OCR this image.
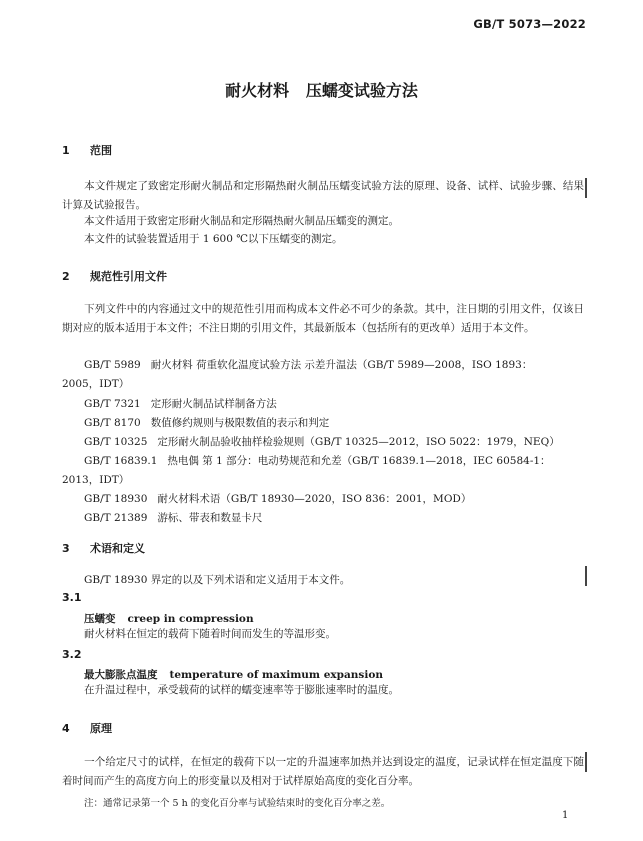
GB/T 5073—2022
耐火材料   压蠕变试验方法
1 范围
本文件规定了致密定形耐火制品和定形隔热耐火制品压蠕变试验方法的原理、设备、试样、试验步骤、结果计算及试验报告。
本文件适用于致密定形耐火制品和定形隔热耐火制品压蠕变的测定。
本文件的试验装置适用于 1 600 ℃以下压蠕变的测定。
2 规范性引用文件
下列文件中的内容通过文中的规范性引用而构成本文件必不可少的条款。其中，注日期的引用文件，仅该日期对应的版本适用于本文件；不注日期的引用文件，其最新版本（包括所有的更改单）适用于本文件。
GB/T 5989 耐火材料 荷重软化温度试验方法 示差升温法（GB/T 5989—2008，ISO 1893：
2005，IDT）
GB/T 7321 定形耐火制品试样制备方法
GB/T 8170 数值修约规则与极限数值的表示和判定
GB/T 10325 定形耐火制品验收抽样检验规则（GB/T 10325—2012，ISO 5022：1979，NEQ）
GB/T 16839.1 热电偶 第 1 部分：电动势规范和允差（GB/T 16839.1—2018，IEC 60584-1：
2013，IDT）
GB/T 18930 耐火材料术语（GB/T 18930—2020，ISO 836：2001，MOD）
GB/T 21389 游标、带表和数显卡尺
3 术语和定义
GB/T 18930 界定的以及下列术语和定义适用于本文件。
3.1
压蠕变 creep in compression
耐火材料在恒定的载荷下随着时间而发生的等温形变。
3.2
最大膨胀点温度 temperature of maximum expansion
在升温过程中，承受载荷的试样的蠕变速率等于膨胀速率时的温度。
4 原理
一个给定尺寸的试样，在恒定的载荷下以一定的升温速率加热并达到设定的温度，记录试样在恒定温度下随着时间而产生的高度方向上的形变量以及相对于试样原始高度的变化百分率。
注：通常记录第一个 5 h 的变化百分率与试验结束时的变化百分率之差。
1
